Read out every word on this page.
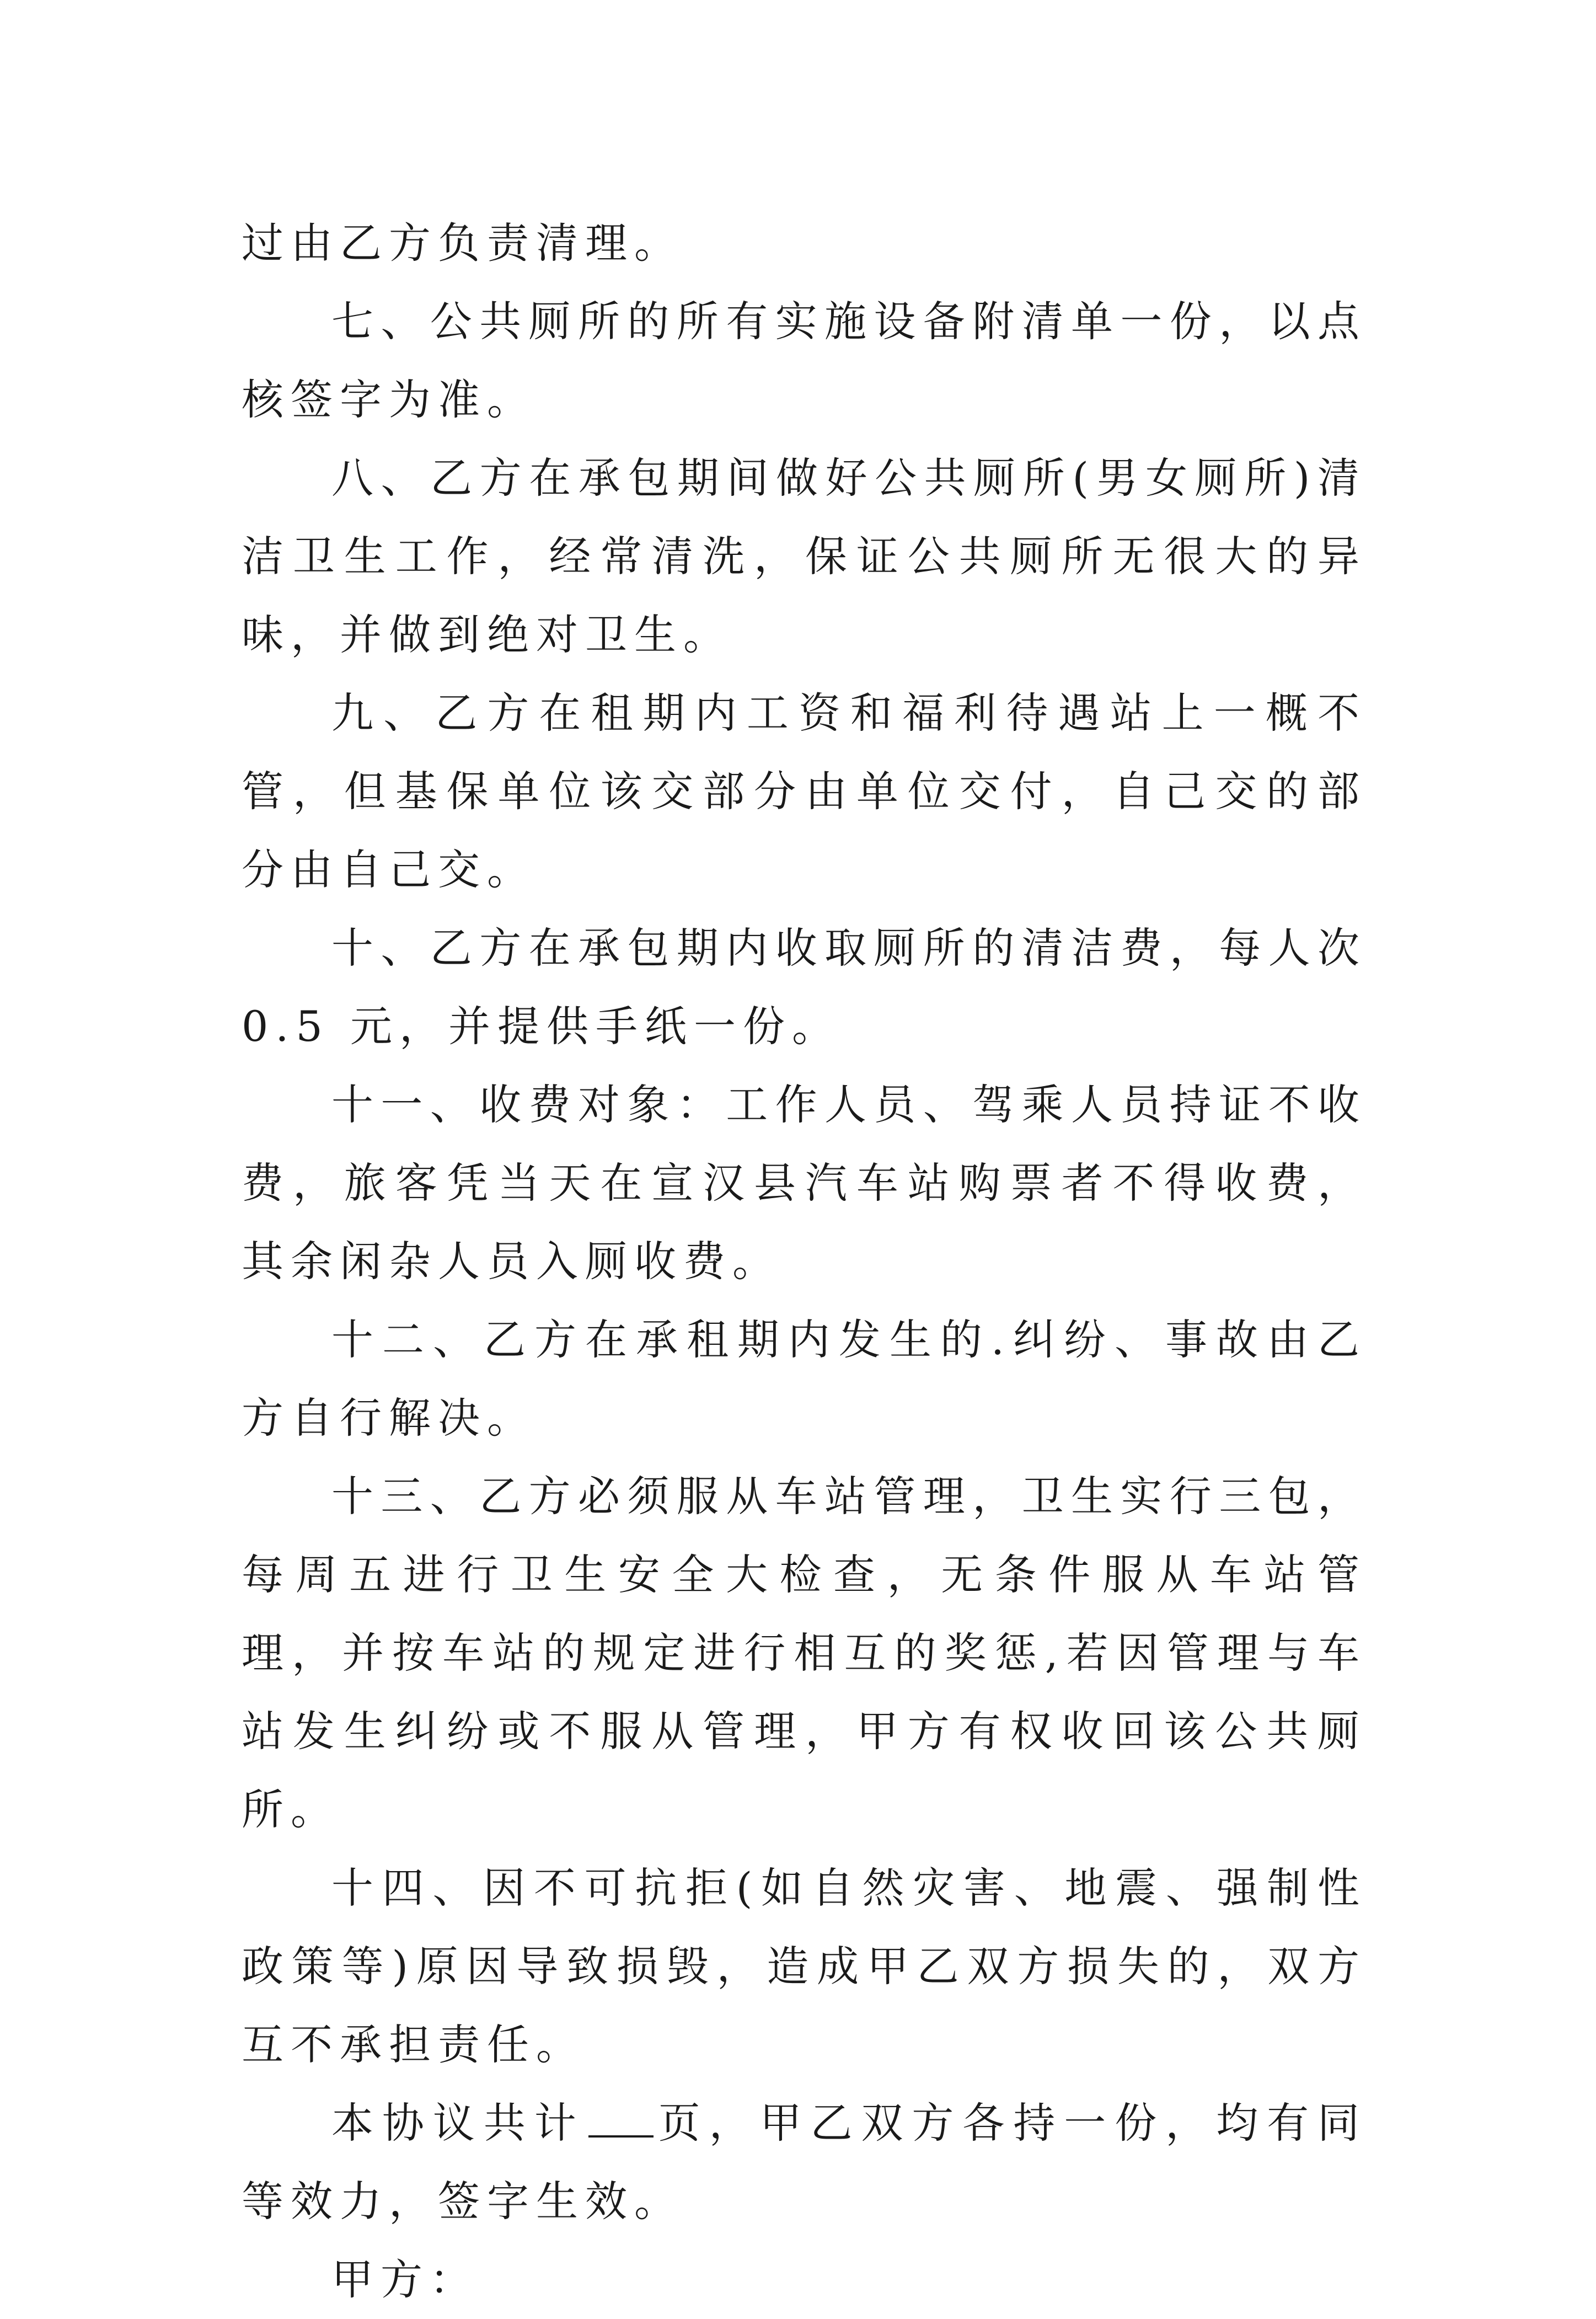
过由乙方负责清理。

七、公共厕所的所有实施设备附清单一份，以点核签字为准。

八、乙方在承包期间做好公共厕所(男女厕所)清洁卫生工作，经常清洗，保证公共厕所无很大的异味，并做到绝对卫生。

九、乙方在租期内工资和福利待遇站上一概不管，但基保单位该交部分由单位交付，自己交的部分由自己交。

十、乙方在承包期内收取厕所的清洁费，每人次 0.5 元，并提供手纸一份。

十一、收费对象：工作人员、驾乘人员持证不收费，旅客凭当天在宣汉县汽车站购票者不得收费，其余闲杂人员入厕收费。

十二、乙方在承租期内发生的.纠纷、事故由乙方自行解决。

十三、乙方必须服从车站管理，卫生实行三包，每周五进行卫生安全大检查，无条件服从车站管理，并按车站的规定进行相互的奖惩,若因管理与车站发生纠纷或不服从管理，甲方有权收回该公共厕所。

十四、因不可抗拒(如自然灾害、地震、强制性政策等)原因导致损毁，造成甲乙双方损失的，双方互不承担责任。

本协议共计 页，甲乙双方各持一份，均有同等效力，签字生效。

甲方：
